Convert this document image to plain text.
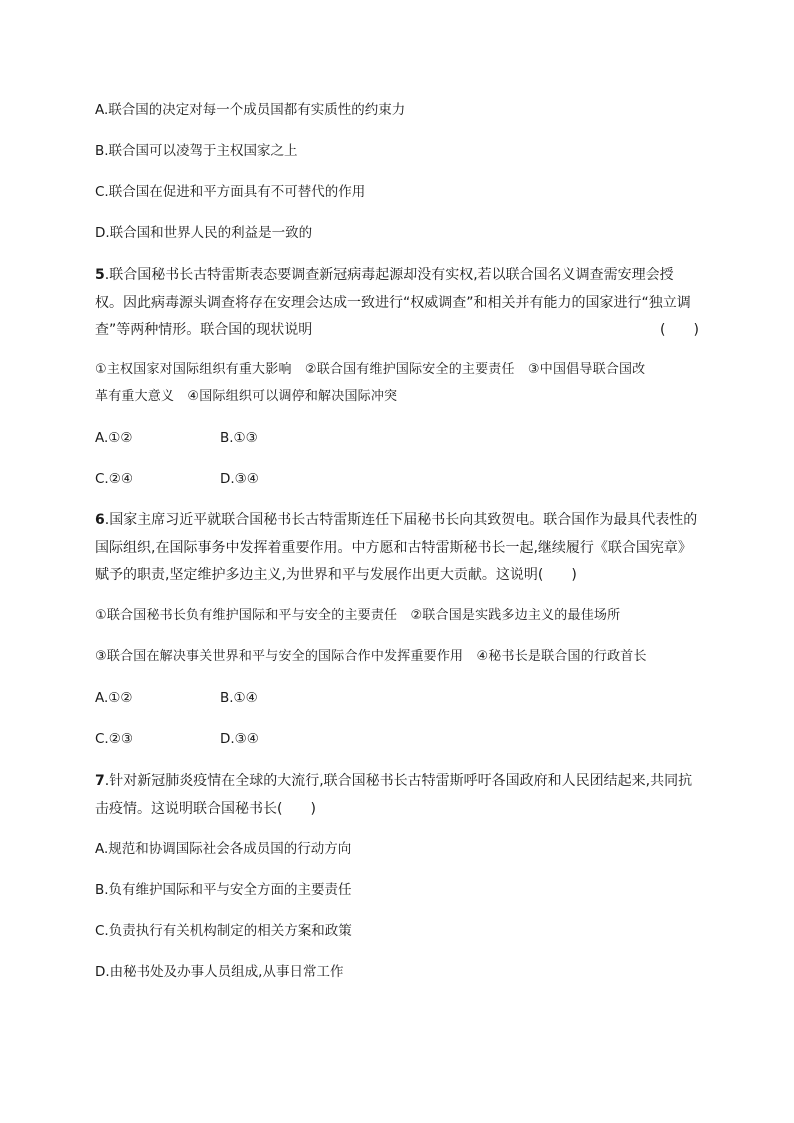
A.联合国的决定对每一个成员国都有实质性的约束力
B.联合国可以凌驾于主权国家之上
C.联合国在促进和平方面具有不可替代的作用
D.联合国和世界人民的利益是一致的
5.联合国秘书长古特雷斯表态要调查新冠病毒起源却没有实权,若以联合国名义调查需安理会授
权。因此病毒源头调查将存在安理会达成一致进行“权威调查”和相关并有能力的国家进行“独立调
查”等两种情形。联合国的现状说明	(　　)
①主权国家对国际组织有重大影响　②联合国有维护国际安全的主要责任　③中国倡导联合国改
革有重大意义　④国际组织可以调停和解决国际冲突
A.①②	B.①③
C.②④	D.③④
6.国家主席习近平就联合国秘书长古特雷斯连任下届秘书长向其致贺电。联合国作为最具代表性的
国际组织,在国际事务中发挥着重要作用。中方愿和古特雷斯秘书长一起,继续履行《联合国宪章》
赋予的职责,坚定维护多边主义,为世界和平与发展作出更大贡献。这说明(　　)
①联合国秘书长负有维护国际和平与安全的主要责任　②联合国是实践多边主义的最佳场所
③联合国在解决事关世界和平与安全的国际合作中发挥重要作用　④秘书长是联合国的行政首长
A.①②	B.①④
C.②③	D.③④
7.针对新冠肺炎疫情在全球的大流行,联合国秘书长古特雷斯呼吁各国政府和人民团结起来,共同抗
击疫情。这说明联合国秘书长(　　)
A.规范和协调国际社会各成员国的行动方向
B.负有维护国际和平与安全方面的主要责任
C.负责执行有关机构制定的相关方案和政策
D.由秘书处及办事人员组成,从事日常工作
